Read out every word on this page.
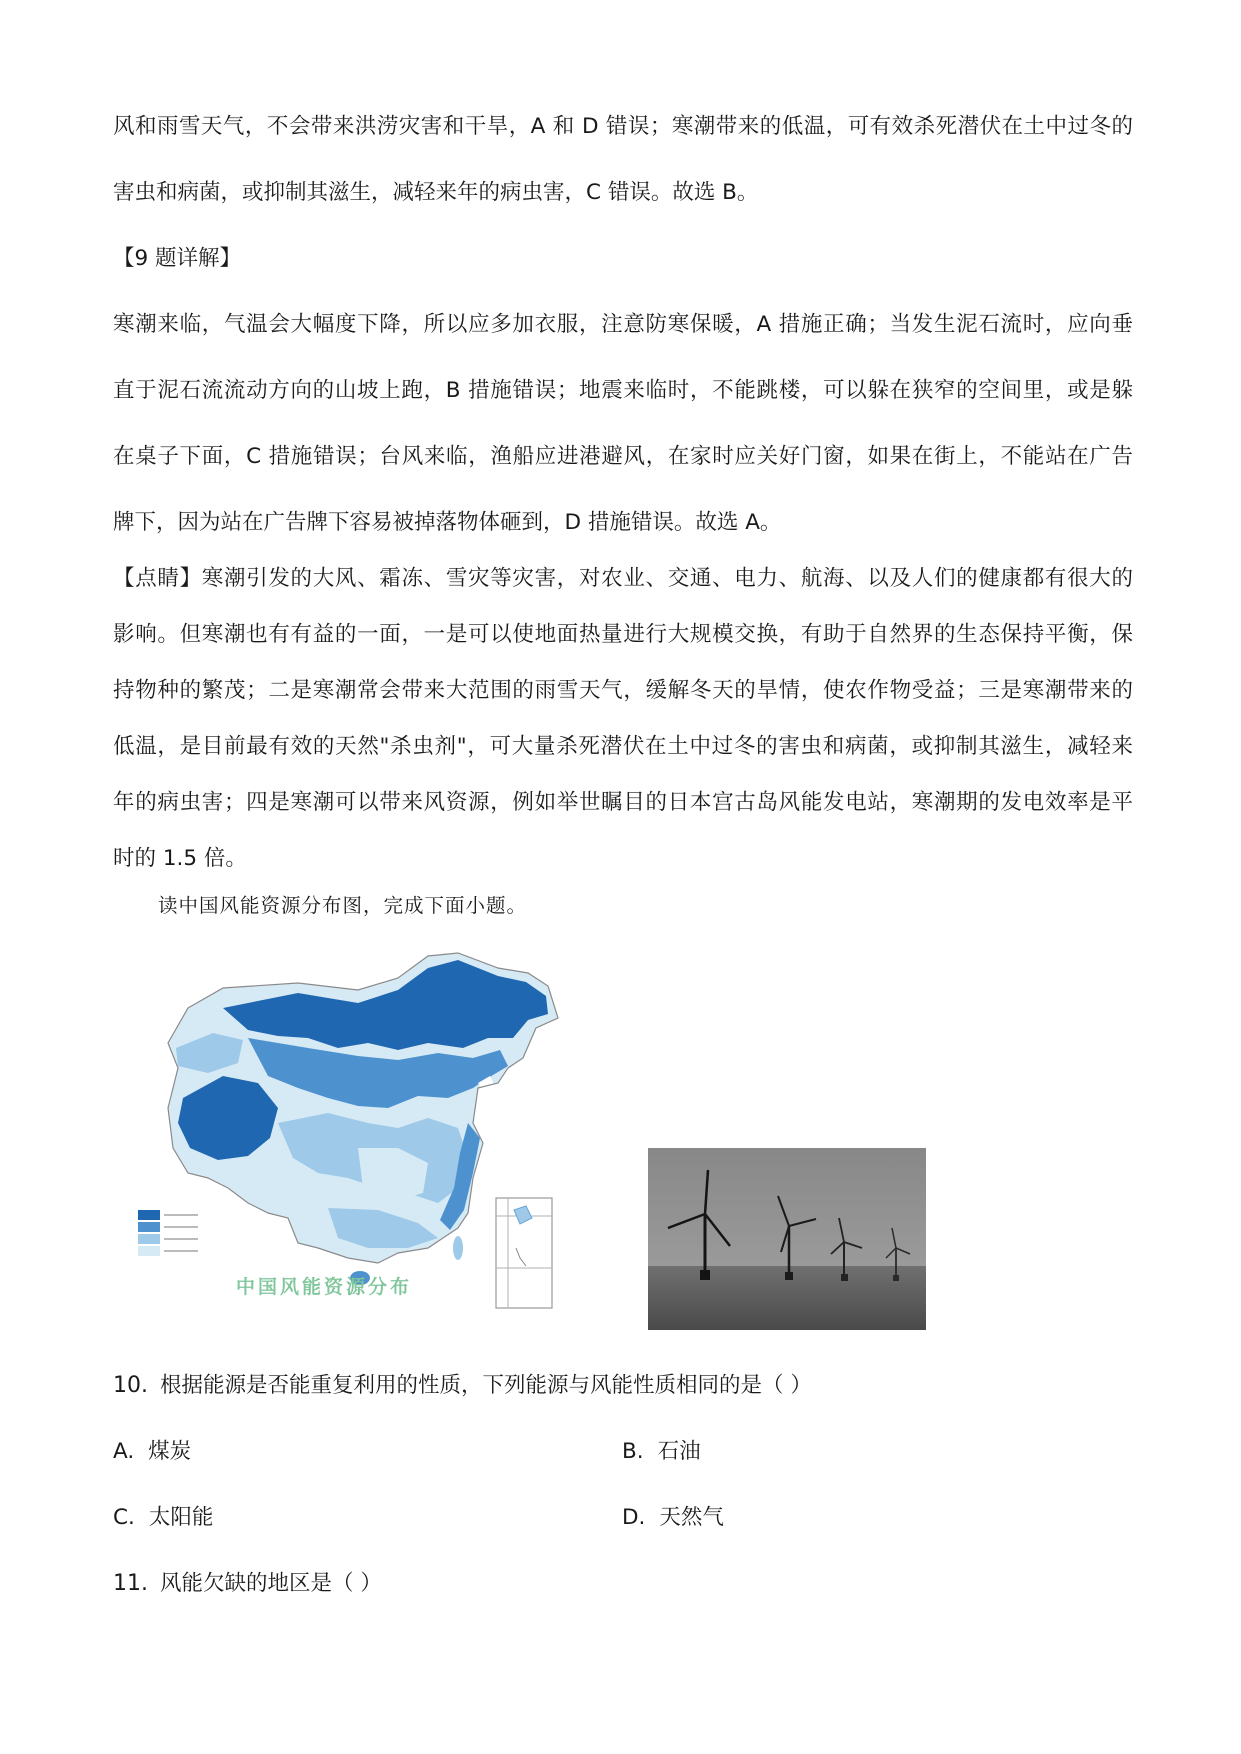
风和雨雪天气，不会带来洪涝灾害和干旱，A 和 D 错误；寒潮带来的低温，可有效杀死潜伏在土中过冬的
害虫和病菌，或抑制其滋生，减轻来年的病虫害，C 错误。故选 B。
【9 题详解】
寒潮来临，气温会大幅度下降，所以应多加衣服，注意防寒保暖，A 措施正确；当发生泥石流时，应向垂
直于泥石流流动方向的山坡上跑，B 措施错误；地震来临时，不能跳楼，可以躲在狭窄的空间里，或是躲
在桌子下面，C 措施错误；台风来临，渔船应进港避风，在家时应关好门窗，如果在街上，不能站在广告
牌下，因为站在广告牌下容易被掉落物体砸到，D 措施错误。故选 A。
【点睛】寒潮引发的大风、霜冻、雪灾等灾害，对农业、交通、电力、航海、以及人们的健康都有很大的
影响。但寒潮也有有益的一面，一是可以使地面热量进行大规模交换，有助于自然界的生态保持平衡，保
持物种的繁茂；二是寒潮常会带来大范围的雨雪天气，缓解冬天的旱情，使农作物受益；三是寒潮带来的
低温，是目前最有效的天然"杀虫剂"，可大量杀死潜伏在土中过冬的害虫和病菌，或抑制其滋生，减轻来
年的病虫害；四是寒潮可以带来风资源，例如举世瞩目的日本宫古岛风能发电站，寒潮期的发电效率是平
时的 1.5 倍。
读中国风能资源分布图，完成下面小题。
中国风能资源分布
10. 根据能源是否能重复利用的性质，下列能源与风能性质相同的是（ ）
A. 煤炭	B. 石油
C. 太阳能	D. 天然气
11. 风能欠缺的地区是（ ）
